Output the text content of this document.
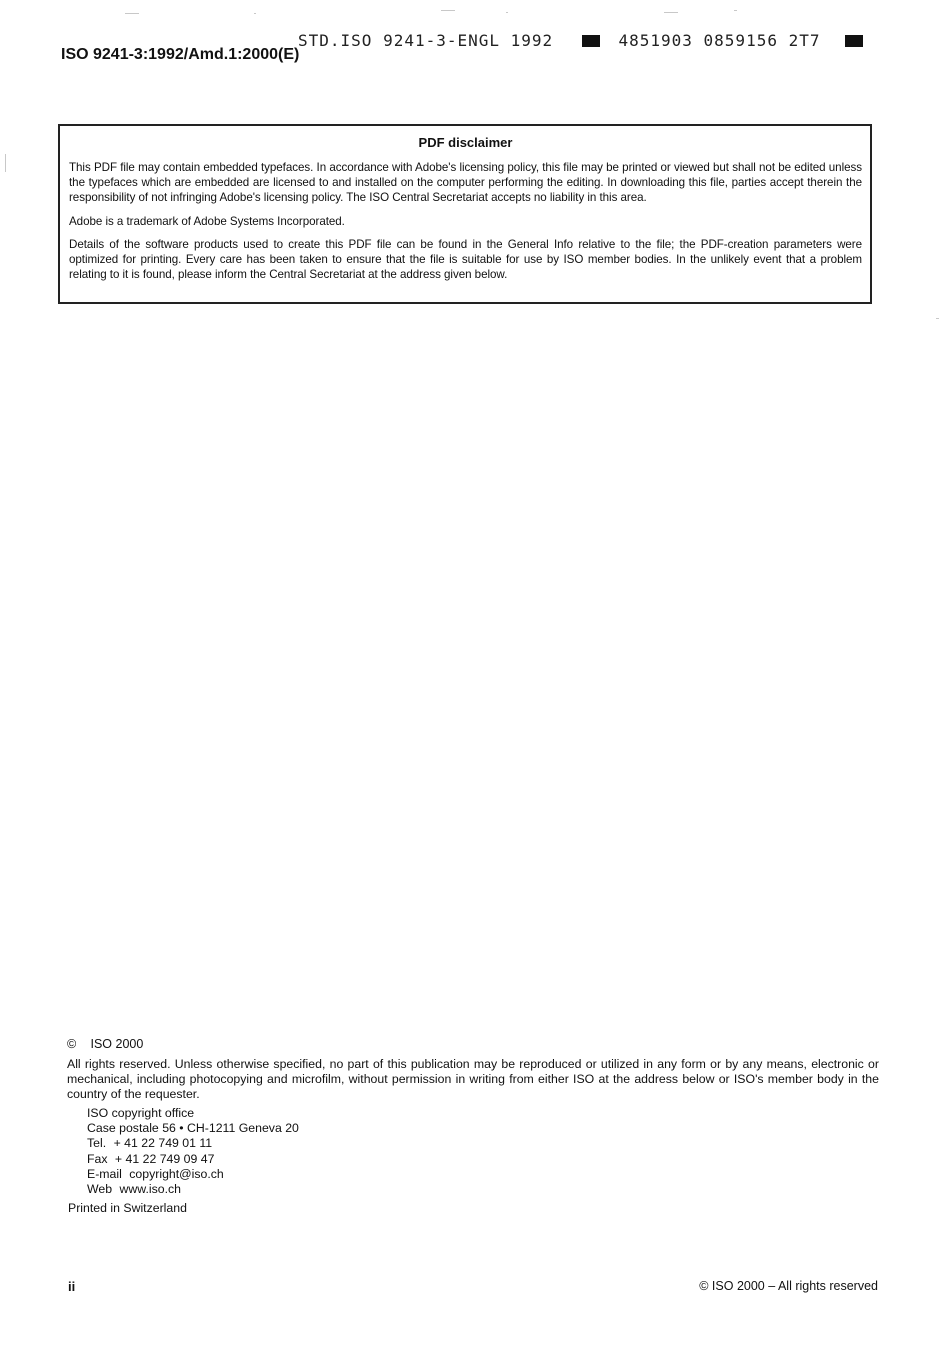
STD.ISO 9241-3-ENGL 1992	4851903 0859156 2T7
ISO 9241-3:1992/Amd.1:2000(E)
PDF disclaimer

This PDF file may contain embedded typefaces. In accordance with Adobe's licensing policy, this file may be printed or viewed but shall not be edited unless the typefaces which are embedded are licensed to and installed on the computer performing the editing. In downloading this file, parties accept therein the responsibility of not infringing Adobe's licensing policy. The ISO Central Secretariat accepts no liability in this area.

Adobe is a trademark of Adobe Systems Incorporated.

Details of the software products used to create this PDF file can be found in the General Info relative to the file; the PDF-creation parameters were optimized for printing. Every care has been taken to ensure that the file is suitable for use by ISO member bodies. In the unlikely event that a problem relating to it is found, please inform the Central Secretariat at the address given below.

© ISO 2000
All rights reserved. Unless otherwise specified, no part of this publication may be reproduced or utilized in any form or by any means, electronic or mechanical, including photocopying and microfilm, without permission in writing from either ISO at the address below or ISO's member body in the country of the requester.
ISO copyright office
Case postale 56 • CH-1211 Geneva 20
Tel. + 41 22 749 01 11
Fax + 41 22 749 09 47
E-mail copyright@iso.ch
Web www.iso.ch
Printed in Switzerland
ii	© ISO 2000 – All rights reserved
